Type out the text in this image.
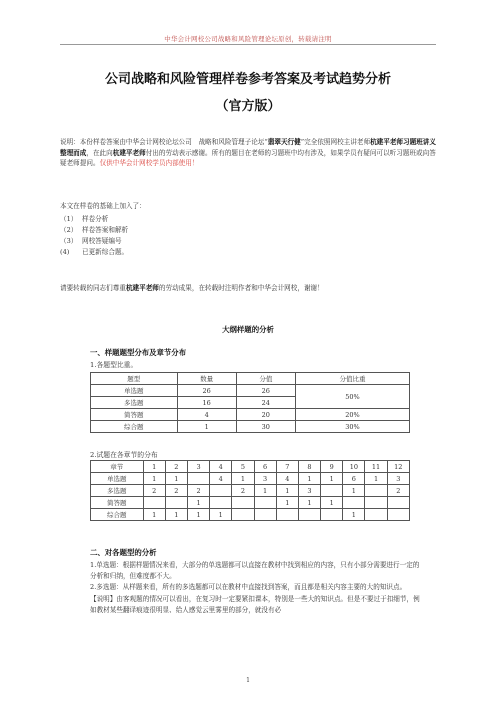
中华会计网校公司战略和风险管理论坛原创，转载请注明
公司战略和风险管理样卷参考答案及考试趋势分析
（官方版）
说明：本份样卷答案由中华会计网校论坛公司　战略和风险管理子论坛“翡翠天行健”完全依照网校主讲老师杭建平老师习题班讲义整理而成，在此向杭建平老师付出的劳动表示感谢。所有的题目在老师的习题班中均有涉及，如果学员有疑问可以听习题班或向答疑老师提问。仅供中华会计网校学员内部使用！
本文在样卷的基础上加入了：
（1） 样卷分析
（2） 样卷答案和解析
（3） 网校答疑编号
(4) 已更新综合题。
请要转载的同志们尊重杭建平老师的劳动成果，在转载时注明作者和中华会计网校，谢谢！
大纲样题的分析
一、样题题型分布及章节分布
1.各题型比重。
题型	数量	分值	分值比重
单选题	26	26	50%
多选题	16	24	
简答题	4	20	20%
综合题	1	30	30%
2.试题在各章节的分布
章节	1	2	3	4	5	6	7	8	9	10	11	12
单选题	1	1		4	1	3	4	1	1	6	1	3
多选题	2	2	2		2	1	1	3		1		2
简答题			1				1	1	1			
综合题	1	1	1	1						1		
二、对各题型的分析

1.单选题：根据样题情况来看，大部分的单选题都可以直接在教材中找到相应的内容，只有小部分需要进行一定的分析和归纳，但难度都不大。

2.多选题：从样题来看，所有的多选题都可以在教材中直接找到答案，而且都是相关内容主要的大的知识点。

【说明】由客观题的情况可以看出，在复习时一定要紧扣课本，特别是一些大的知识点。但是不要过于扣细节，例如教材某些翻译痕迹很明显、给人感觉云里雾里的部分，就没有必

1
